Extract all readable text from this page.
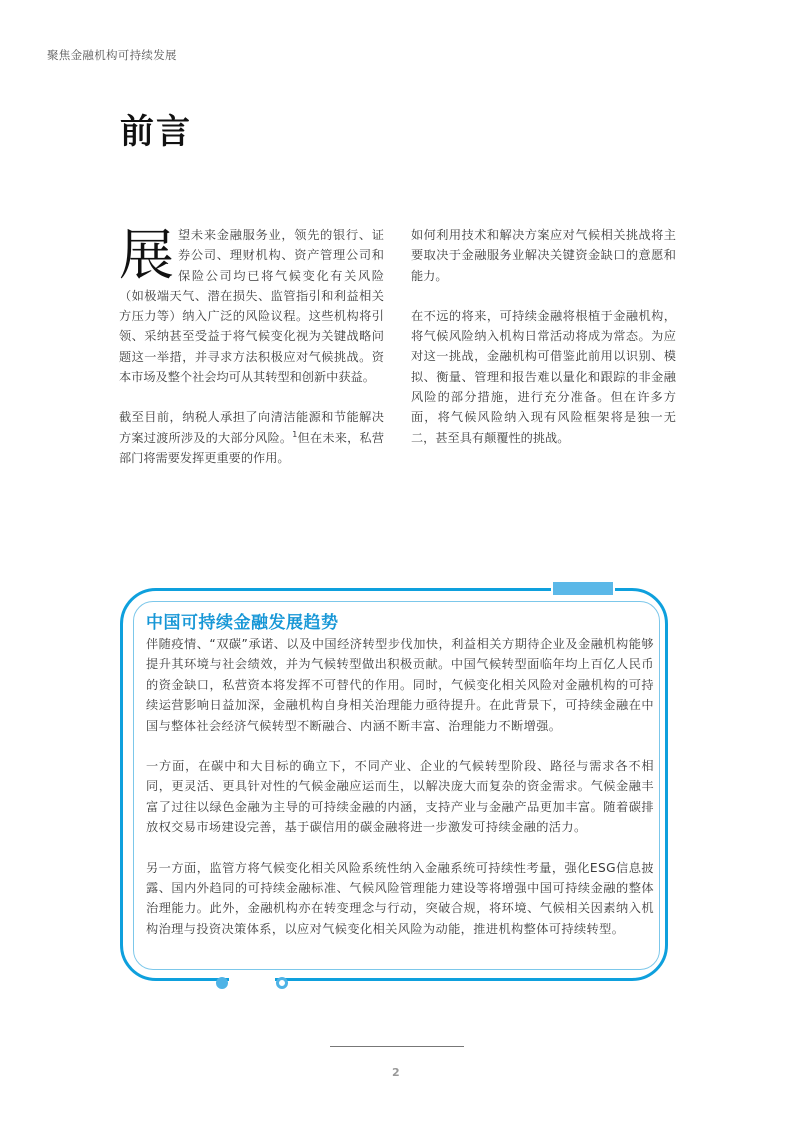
聚焦金融机构可持续发展
前言

展望未来金融服务业，领先的银行、证券公司、理财机构、资产管理公司和保险公司均已将气候变化有关风险（如极端天气、潜在损失、监管指引和利益相关方压力等）纳入广泛的风险议程。这些机构将引领、采纳甚至受益于将气候变化视为关键战略问题这一举措，并寻求方法积极应对气候挑战。资本市场及整个社会均可从其转型和创新中获益。

截至目前，纳税人承担了向清洁能源和节能解决方案过渡所涉及的大部分风险。$^1$但在未来，私营部门将需要发挥更重要的作用。

如何利用技术和解决方案应对气候相关挑战将主要取决于金融服务业解决关键资金缺口的意愿和能力。

在不远的将来，可持续金融将根植于金融机构，将气候风险纳入机构日常活动将成为常态。为应对这一挑战，金融机构可借鉴此前用以识别、模拟、衡量、管理和报告难以量化和跟踪的非金融风险的部分措施，进行充分准备。但在许多方面，将气候风险纳入现有风险框架将是独一无二，甚至具有颠覆性的挑战。

中国可持续金融发展趋势

伴随疫情、“双碳”承诺、以及中国经济转型步伐加快，利益相关方期待企业及金融机构能够提升其环境与社会绩效，并为气候转型做出积极贡献。中国气候转型面临年均上百亿人民币的资金缺口，私营资本将发挥不可替代的作用。同时，气候变化相关风险对金融机构的可持续运营影响日益加深，金融机构自身相关治理能力亟待提升。在此背景下，可持续金融在中国与整体社会经济气候转型不断融合、内涵不断丰富、治理能力不断增强。

一方面，在碳中和大目标的确立下，不同产业、企业的气候转型阶段、路径与需求各不相同，更灵活、更具针对性的气候金融应运而生，以解决庞大而复杂的资金需求。气候金融丰富了过往以绿色金融为主导的可持续金融的内涵，支持产业与金融产品更加丰富。随着碳排放权交易市场建设完善，基于碳信用的碳金融将进一步激发可持续金融的活力。

另一方面，监管方将气候变化相关风险系统性纳入金融系统可持续性考量，强化ESG信息披露、国内外趋同的可持续金融标准、气候风险管理能力建设等将增强中国可持续金融的整体治理能力。此外，金融机构亦在转变理念与行动，突破合规，将环境、气候相关因素纳入机构治理与投资决策体系，以应对气候变化相关风险为动能，推进机构整体可持续转型。

2
